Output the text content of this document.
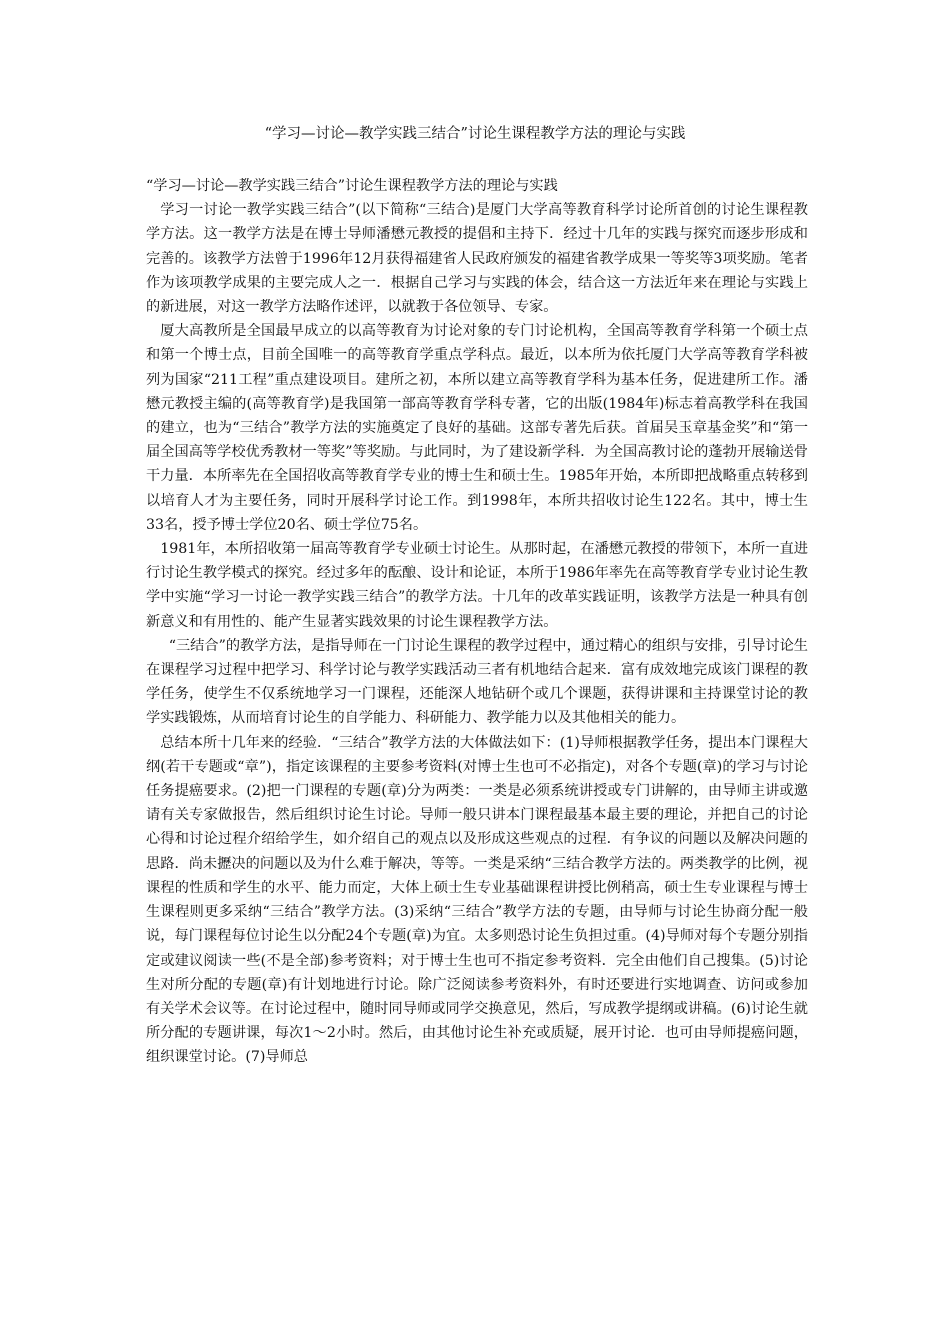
“学习—讨论—教学实践三结合”讨论生课程教学方法的理论与实践

“学习—讨论—教学实践三结合”讨论生课程教学方法的理论与实践

学习一讨论一教学实践三结合”(以下简称“三结合)是厦门大学高等教育科学讨论所首创的讨论生课程教学方法。这一教学方法是在博士导师潘懋元教授的提倡和主持下．经过十几年的实践与探究而逐步形成和完善的。该教学方法曾于1996年12月获得福建省人民政府颁发的福建省教学成果一等奖等3项奖励。笔者作为该项教学成果的主要完成人之一．根据自己学习与实践的体会，结合这一方法近年来在理论与实践上的新进展，对这一教学方法略作述评，以就教于各位领导、专家。

厦大高教所是全国最早成立的以高等教育为讨论对象的专门讨论机构，全国高等教育学科第一个硕士点和第一个博士点，目前全国唯一的高等教育学重点学科点。最近，以本所为依托厦门大学高等教育学科被列为国家“211工程”重点建设项目。建所之初，本所以建立高等教育学科为基本任务，促进建所工作。潘懋元教授主编的(高等教育学)是我国第一部高等教育学科专著，它的出版(1984年)标志着高教学科在我国的建立，也为“三结合”教学方法的实施奠定了良好的基础。这部专著先后获。首届吴玉章基金奖”和“第一届全国高等学校优秀教材一等奖”等奖励。与此同时，为了建设新学科．为全国高教讨论的蓬勃开展输送骨干力量．本所率先在全国招收高等教育学专业的博士生和硕士生。1985年开始，本所即把战略重点转移到以培育人才为主要任务，同时开展科学讨论工作。到1998年，本所共招收讨论生122名。其中，博士生33名，授予博士学位20名、硕士学位75名。

1981年，本所招收第一届高等教育学专业硕士讨论生。从那时起，在潘懋元教授的带领下，本所一直进行讨论生教学模式的探究。经过多年的酝酿、设计和论证，本所于1986年率先在高等教育学专业讨论生教学中实施“学习一讨论一教学实践三结合”的教学方法。十几年的改革实践证明，该教学方法是一种具有创新意义和有用性的、能产生显著实践效果的讨论生课程教学方法。

“三结合”的教学方法，是指导师在一门讨论生课程的教学过程中，通过精心的组织与安排，引导讨论生在课程学习过程中把学习、科学讨论与教学实践活动三者有机地结合起来．富有成效地完成该门课程的教学任务，使学生不仅系统地学习一门课程，还能深人地钻研个或几个课题，获得讲课和主持课堂讨论的教学实践锻炼，从而培育讨论生的自学能力、科研能力、教学能力以及其他相关的能力。

总结本所十几年来的经验．“三结合”教学方法的大体做法如下：(1)导师根据教学任务，提出本门课程大纲(若干专题或“章”)，指定该课程的主要参考资料(对博士生也可不必指定)，对各个专题(章)的学习与讨论任务提癌要求。(2)把一门课程的专题(章)分为两类：一类是必须系统讲授或专门讲解的，由导师主讲或邀请有关专家做报告，然后组织讨论生讨论。导师一般只讲本门课程最基本最主要的理论，并把自己的讨论心得和讨论过程介绍给学生，如介绍自己的观点以及形成这些观点的过程．有争议的问题以及解决问题的思路．尚未攊决的问题以及为什么难于解决，等等。一类是采纳“三结合教学方法的。两类教学的比例，视课程的性质和学生的水平、能力而定，大体上硕士生专业基础课程讲授比例稍高，硕士生专业课程与博士生课程则更多采纳“三结合”教学方法。(3)采纳“三结合”教学方法的专题，由导师与讨论生协商分配一般说，每门课程每位讨论生以分配24个专题(章)为宜。太多则恐讨论生负担过重。(4)导师对每个专题分别指定或建议阅读一些(不是全部)参考资料；对于博士生也可不指定参考资料．完全由他们自己搜集。(5)讨论生对所分配的专题(章)有计划地进行讨论。除广泛阅读参考资料外，有时还要进行实地调查、访问或参加有关学术会议等。在讨论过程中，随时同导师或同学交换意见，然后，写成教学提纲或讲稿。(6)讨论生就所分配的专题讲课，每次1～2小时。然后，由其他讨论生补充或质疑，展开讨论．也可由导师提癌问题，组织课堂讨论。(7)导师总
